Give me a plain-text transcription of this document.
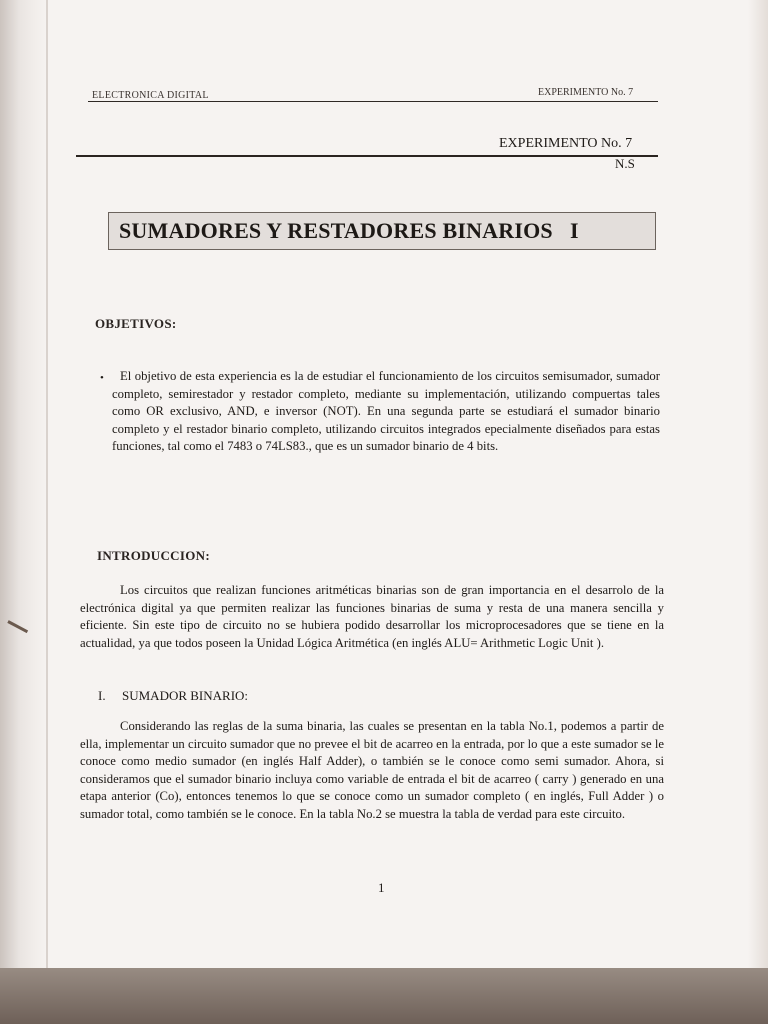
ELECTRONICA DIGITAL	EXPERIMENTO No. 7
EXPERIMENTO No. 7
N.S
SUMADORES Y RESTADORES BINARIOS   I
OBJETIVOS:
•	El objetivo de esta experiencia es la de estudiar el funcionamiento de los circuitos semisumador, sumador completo, semirestador y restador completo, mediante su implementación, utilizando compuertas tales como OR exclusivo, AND, e inversor (NOT). En una segunda parte se estudiará el sumador binario completo y el restador binario completo, utilizando circuitos integrados epecialmente diseñados para estas funciones, tal como el 7483 o 74LS83., que es un sumador binario de 4 bits.

INTRODUCCION:

Los circuitos que realizan funciones aritméticas binarias son de gran importancia en el desarrolo de la electrónica digital ya que permiten realizar las funciones binarias de suma y resta de una manera sencilla y eficiente. Sin este tipo de circuito no se hubiera podido desarrollar los microprocesadores que se tiene en la actualidad, ya que todos poseen la Unidad Lógica Aritmética (en inglés ALU= Arithmetic Logic Unit ).

I. SUMADOR BINARIO:

Considerando las reglas de la suma binaria, las cuales se presentan en la tabla No.1, podemos a partir de ella, implementar un circuito sumador que no prevee el bit de acarreo en la entrada, por lo que a este sumador se le conoce como medio sumador (en inglés Half Adder), o también se le conoce como semi sumador. Ahora, si consideramos que el sumador binario incluya como variable de entrada el bit de acarreo ( carry ) generado en una etapa anterior (Co), entonces tenemos lo que se conoce como un sumador completo ( en inglés, Full Adder ) o sumador total, como también se le conoce. En la tabla No.2 se muestra la tabla de verdad para este circuito.

1
